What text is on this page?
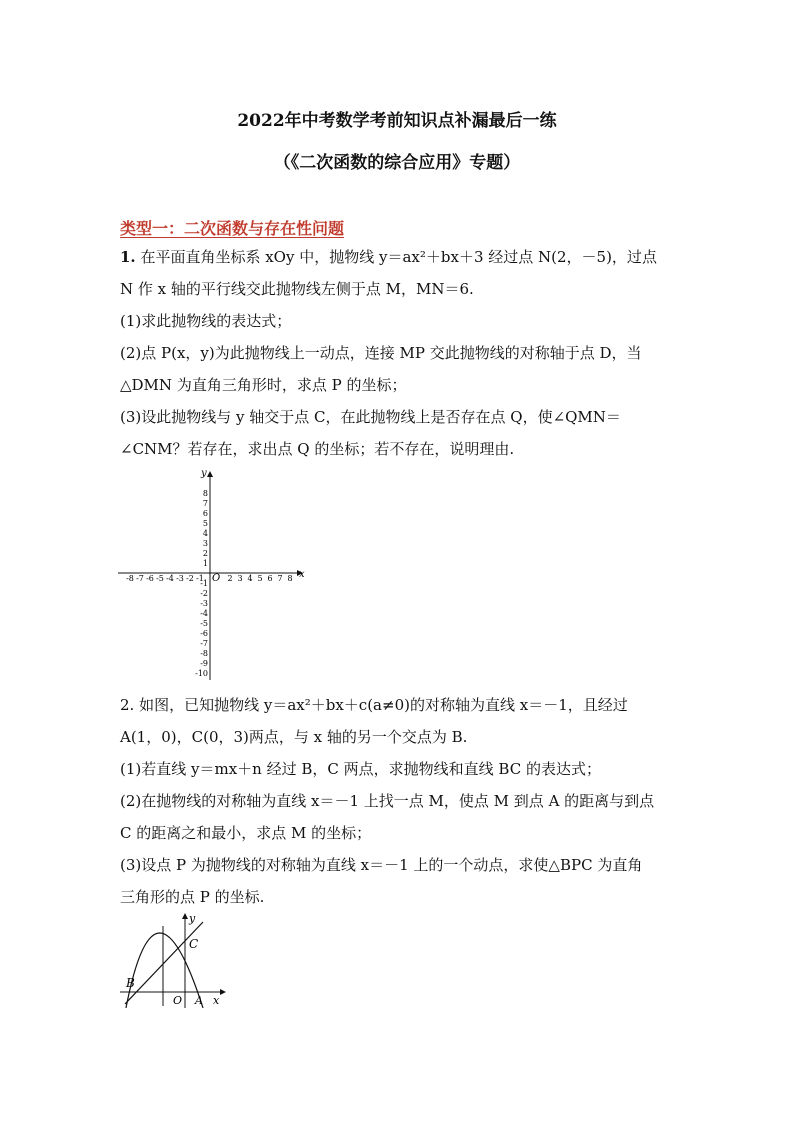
2022年中考数学考前知识点补漏最后一练
（《二次函数的综合应用》专题）
类型一：二次函数与存在性问题
1. 在平面直角坐标系 xOy 中，抛物线 y＝ax²＋bx＋3 经过点 N(2，－5)，过点
N 作 x 轴的平行线交此抛物线左侧于点 M，MN＝6.
(1)求此抛物线的表达式；
(2)点 P(x，y)为此抛物线上一动点，连接 MP 交此抛物线的对称轴于点 D，当
△DMN 为直角三角形时，求点 P 的坐标；
(3)设此抛物线与 y 轴交于点 C，在此抛物线上是否存在点 Q，使∠QMN＝
∠CNM？若存在，求出点 Q 的坐标；若不存在，说明理由.
y
x
O
-8 -7 -6 -5 -4 -3 -2 -1	2 3 4 5 6 7 8
8
7
6
5
4
3
2
1
-1
-2
-3
-4
-5
-6
-7
-8
-9
-10
2. 如图，已知抛物线 y＝ax²＋bx＋c(a≠0)的对称轴为直线 x＝－1，且经过
A(1，0)，C(0，3)两点，与 x 轴的另一个交点为 B.
(1)若直线 y＝mx＋n 经过 B，C 两点，求抛物线和直线 BC 的表达式；
(2)在抛物线的对称轴为直线 x＝－1 上找一点 M，使点 M 到点 A 的距离与到点
C 的距离之和最小，求点 M 的坐标；
(3)设点 P 为抛物线的对称轴为直线 x＝－1 上的一个动点，求使△BPC 为直角
三角形的点 P 的坐标.
y
C
B
O A x
